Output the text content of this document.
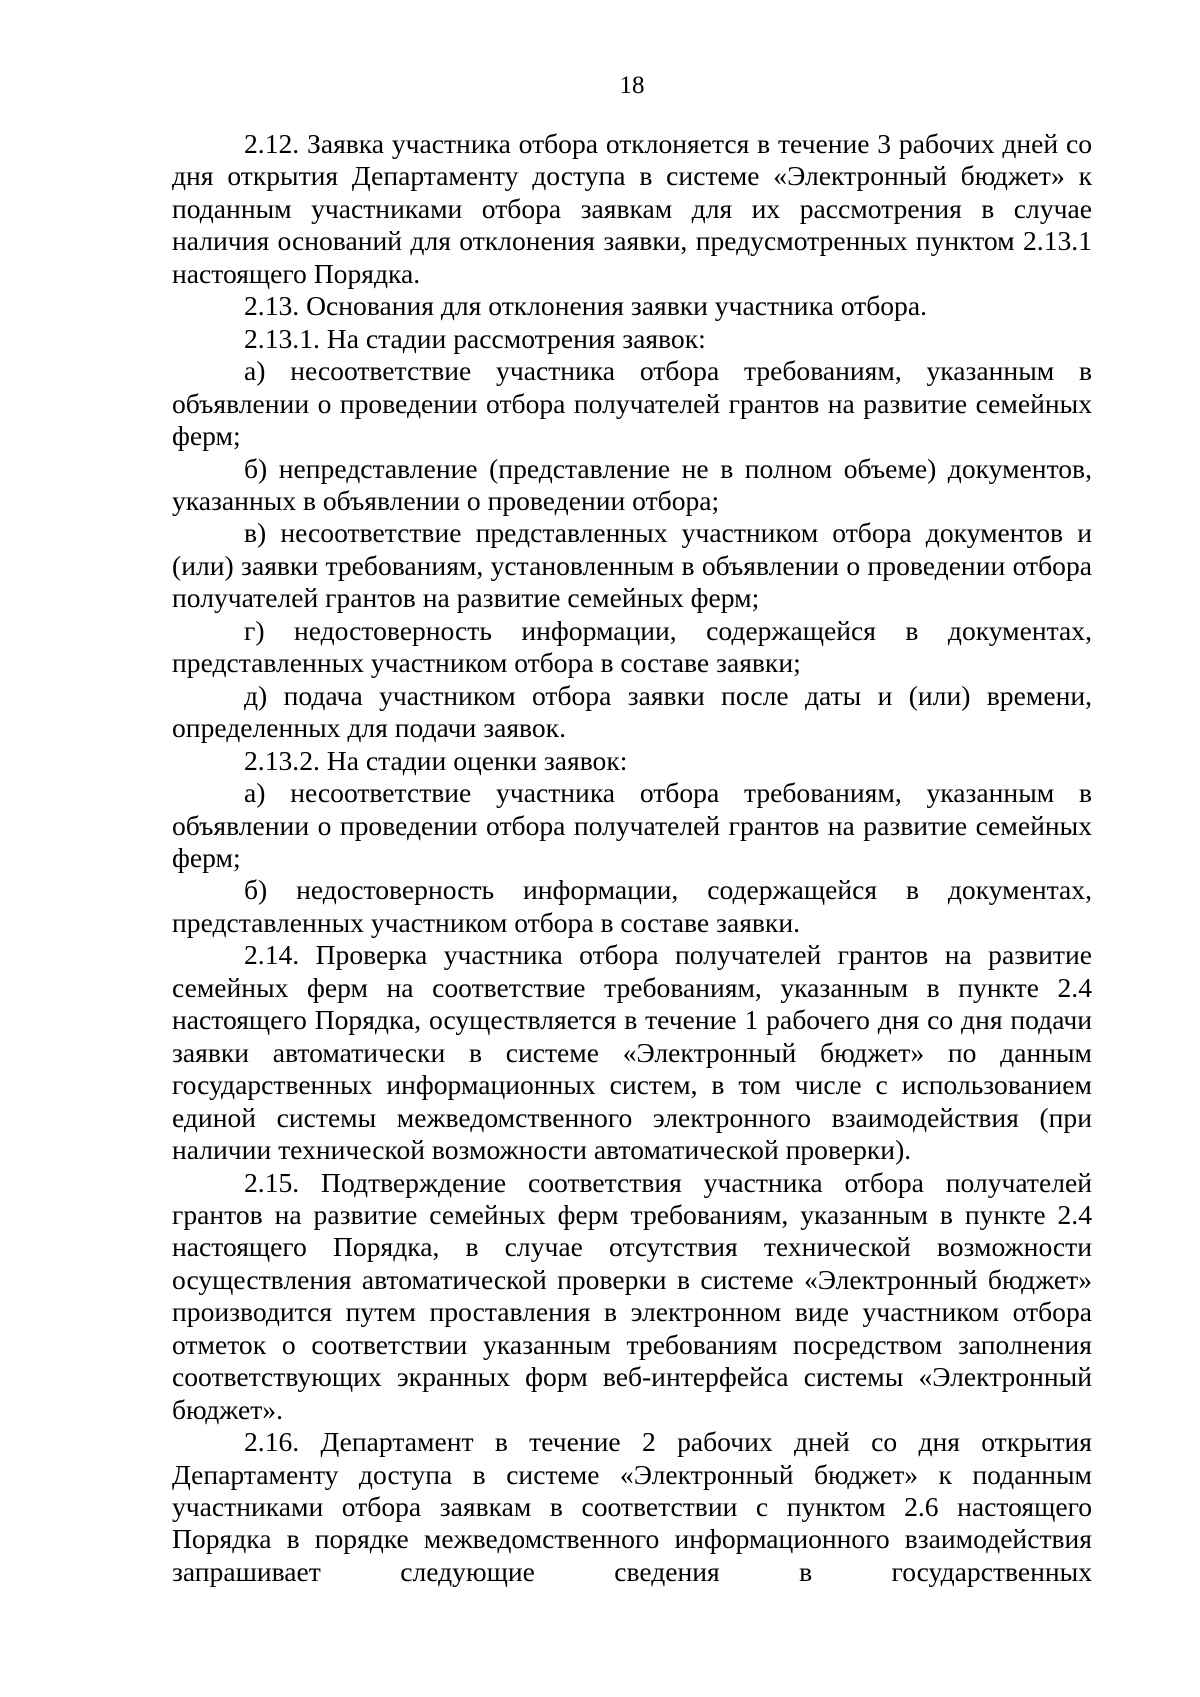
18

2.12. Заявка участника отбора отклоняется в течение 3 рабочих дней со дня открытия Департаменту доступа в системе «Электронный бюджет» к поданным участниками отбора заявкам для их рассмотрения в случае наличия оснований для отклонения заявки, предусмотренных пунктом 2.13.1 настоящего Порядка.

2.13. Основания для отклонения заявки участника отбора.

2.13.1. На стадии рассмотрения заявок:

а) несоответствие участника отбора требованиям, указанным в объявлении о проведении отбора получателей грантов на развитие семейных ферм;

б) непредставление (представление не в полном объеме) документов, указанных в объявлении о проведении отбора;

в) несоответствие представленных участником отбора документов и (или) заявки требованиям, установленным в объявлении о проведении отбора получателей грантов на развитие семейных ферм;

г) недостоверность информации, содержащейся в документах, представленных участником отбора в составе заявки;

д) подача участником отбора заявки после даты и (или) времени, определенных для подачи заявок.

2.13.2. На стадии оценки заявок:

а) несоответствие участника отбора требованиям, указанным в объявлении о проведении отбора получателей грантов на развитие семейных ферм;

б) недостоверность информации, содержащейся в документах, представленных участником отбора в составе заявки.

2.14. Проверка участника отбора получателей грантов на развитие семейных ферм на соответствие требованиям, указанным в пункте 2.4 настоящего Порядка, осуществляется в течение 1 рабочего дня со дня подачи заявки автоматически в системе «Электронный бюджет» по данным государственных информационных систем, в том числе с использованием единой системы межведомственного электронного взаимодействия (при наличии технической возможности автоматической проверки).

2.15. Подтверждение соответствия участника отбора получателей грантов на развитие семейных ферм требованиям, указанным в пункте 2.4 настоящего Порядка, в случае отсутствия технической возможности осуществления автоматической проверки в системе «Электронный бюджет» производится путем проставления в электронном виде участником отбора отметок о соответствии указанным требованиям посредством заполнения соответствующих экранных форм веб-интерфейса системы «Электронный бюджет».

2.16. Департамент в течение 2 рабочих дней со дня открытия Департаменту доступа в системе «Электронный бюджет» к поданным участниками отбора заявкам в соответствии с пунктом 2.6 настоящего Порядка в порядке межведомственного информационного взаимодействия запрашивает следующие сведения в государственных
